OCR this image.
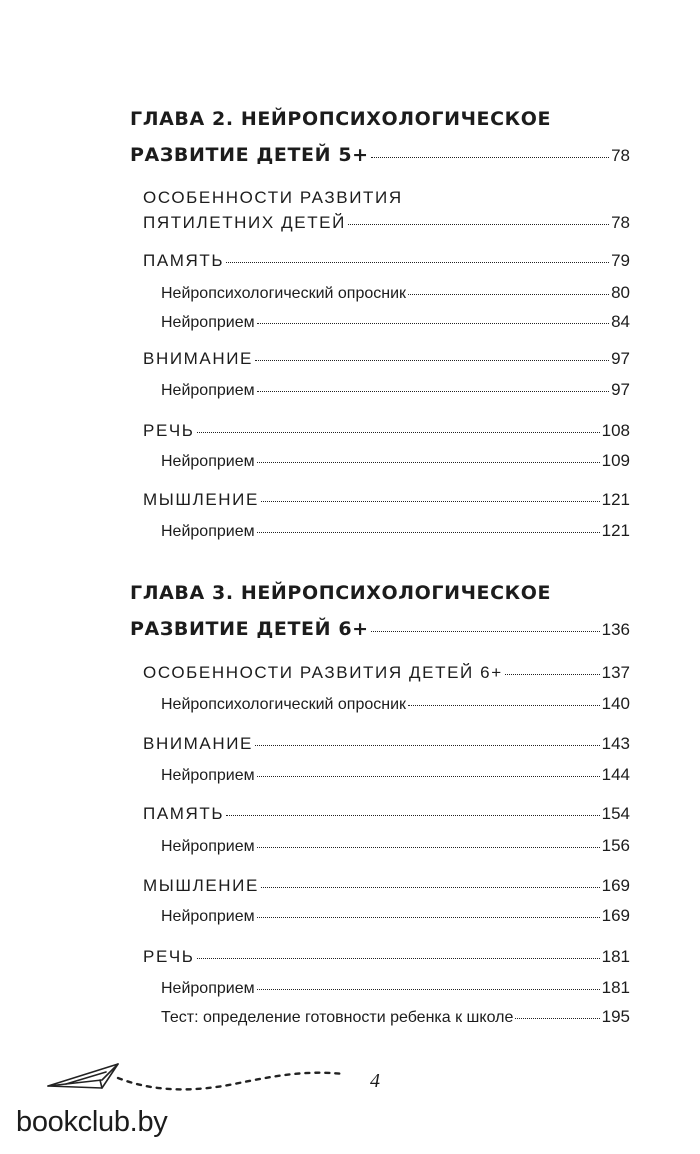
ГЛАВА 2. НЕЙРОПСИХОЛОГИЧЕСКОЕ
РАЗВИТИЕ ДЕТЕЙ 5+	78
ОСОБЕННОСТИ РАЗВИТИЯ
ПЯТИЛЕТНИХ ДЕТЕЙ	78
ПАМЯТЬ	79
Нейропсихологический опросник	80
Нейроприем	84
ВНИМАНИЕ	97
Нейроприем	97
РЕЧЬ	108
Нейроприем	109
МЫШЛЕНИЕ	121
Нейроприем	121
ГЛАВА 3. НЕЙРОПСИХОЛОГИЧЕСКОЕ
РАЗВИТИЕ ДЕТЕЙ 6+	136
ОСОБЕННОСТИ РАЗВИТИЯ ДЕТЕЙ 6+	137
Нейропсихологический опросник	140
ВНИМАНИЕ	143
Нейроприем	144
ПАМЯТЬ	154
Нейроприем	156
МЫШЛЕНИЕ	169
Нейроприем	169
РЕЧЬ	181
Нейроприем	181
Тест: определение готовности ребенка к школе	195
4
bookclub.by
